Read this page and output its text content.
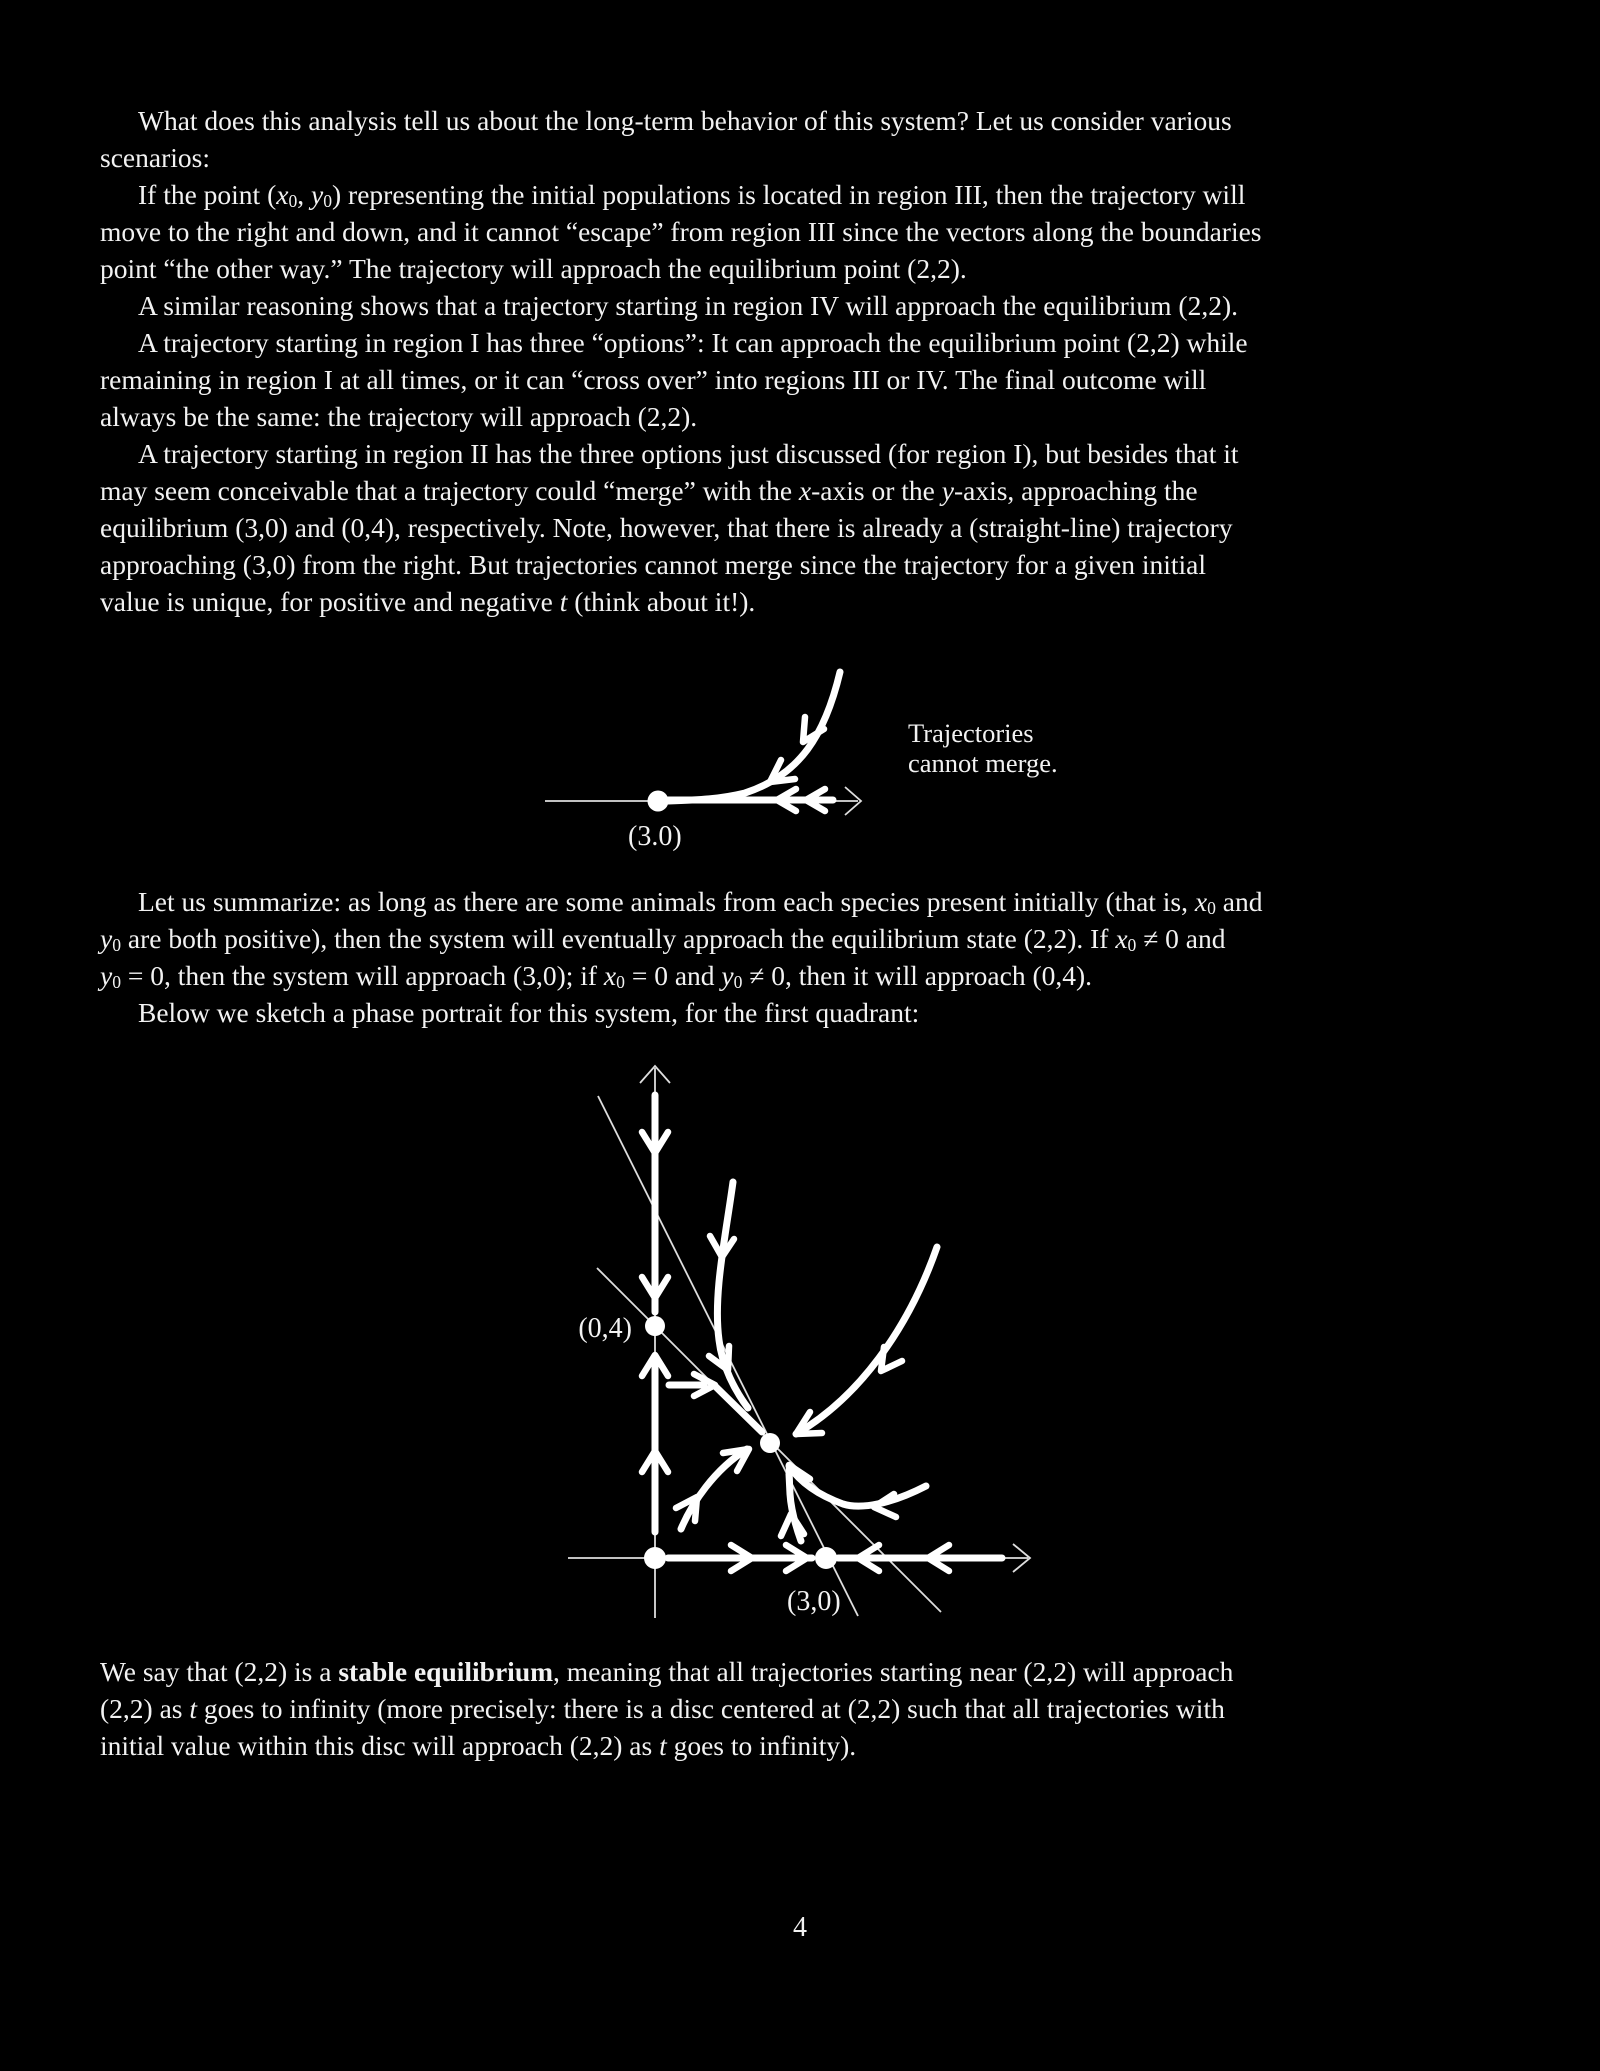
What does this analysis tell us about the long-term behavior of this system? Let us consider various
scenarios:
If the point (x0, y0) representing the initial populations is located in region III, then the trajectory will
move to the right and down, and it cannot “escape” from region III since the vectors along the boundaries
point “the other way.” The trajectory will approach the equilibrium point (2,2).
A similar reasoning shows that a trajectory starting in region IV will approach the equilibrium (2,2).
A trajectory starting in region I has three “options”: It can approach the equilibrium point (2,2) while
remaining in region I at all times, or it can “cross over” into regions III or IV. The final outcome will
always be the same: the trajectory will approach (2,2).
A trajectory starting in region II has the three options just discussed (for region I), but besides that it
may seem conceivable that a trajectory could “merge” with the x-axis or the y-axis, approaching the
equilibrium (3,0) and (0,4), respectively. Note, however, that there is already a (straight-line) trajectory
approaching (3,0) from the right. But trajectories cannot merge since the trajectory for a given initial
value is unique, for positive and negative t (think about it!).
(3.0)
Trajectories
cannot merge.
Let us summarize: as long as there are some animals from each species present initially (that is, x0 and
y0 are both positive), then the system will eventually approach the equilibrium state (2,2). If x0 ≠ 0 and
y0 = 0, then the system will approach (3,0); if x0 = 0 and y0 ≠ 0, then it will approach (0,4).
Below we sketch a phase portrait for this system, for the first quadrant:
(0,4)
(3,0)
We say that (2,2) is a stable equilibrium, meaning that all trajectories starting near (2,2) will approach
(2,2) as t goes to infinity (more precisely: there is a disc centered at (2,2) such that all trajectories with
initial value within this disc will approach (2,2) as t goes to infinity).
4
